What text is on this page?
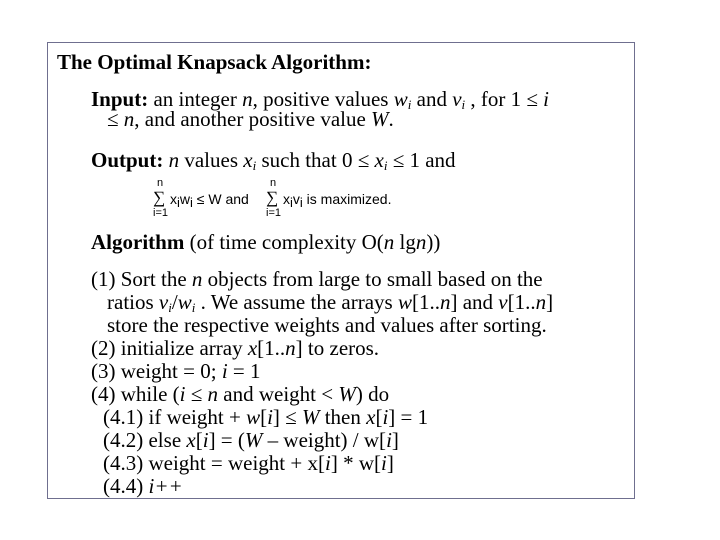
The Optimal Knapsack Algorithm:
Input: an integer n, positive values $w_i$ and $v_i$ , for 1 ≤ i
≤ n, and another positive value W.
Output: n values $x_i$ such that $0 \le x_i \le 1$ and
n
∑
i=1
$x_iw_i \le W$ and
n
∑
i=1
$x_iv_i$ is maximized.
Algorithm (of time complexity O(n lgn))
(1) Sort the n objects from large to small based on the
ratios $v_i/w_i$ . We assume the arrays w[1..n] and v[1..n]
store the respective weights and values after sorting.
(2) initialize array x[1..n] to zeros.
(3) weight = 0; i = 1
(4) while (i ≤ n and weight < W) do
(4.1) if weight + w[i] ≤ W then x[i] = 1
(4.2) else x[i] = (W – weight) / w[i]
(4.3) weight = weight + x[i] * w[i]
(4.4) i++
